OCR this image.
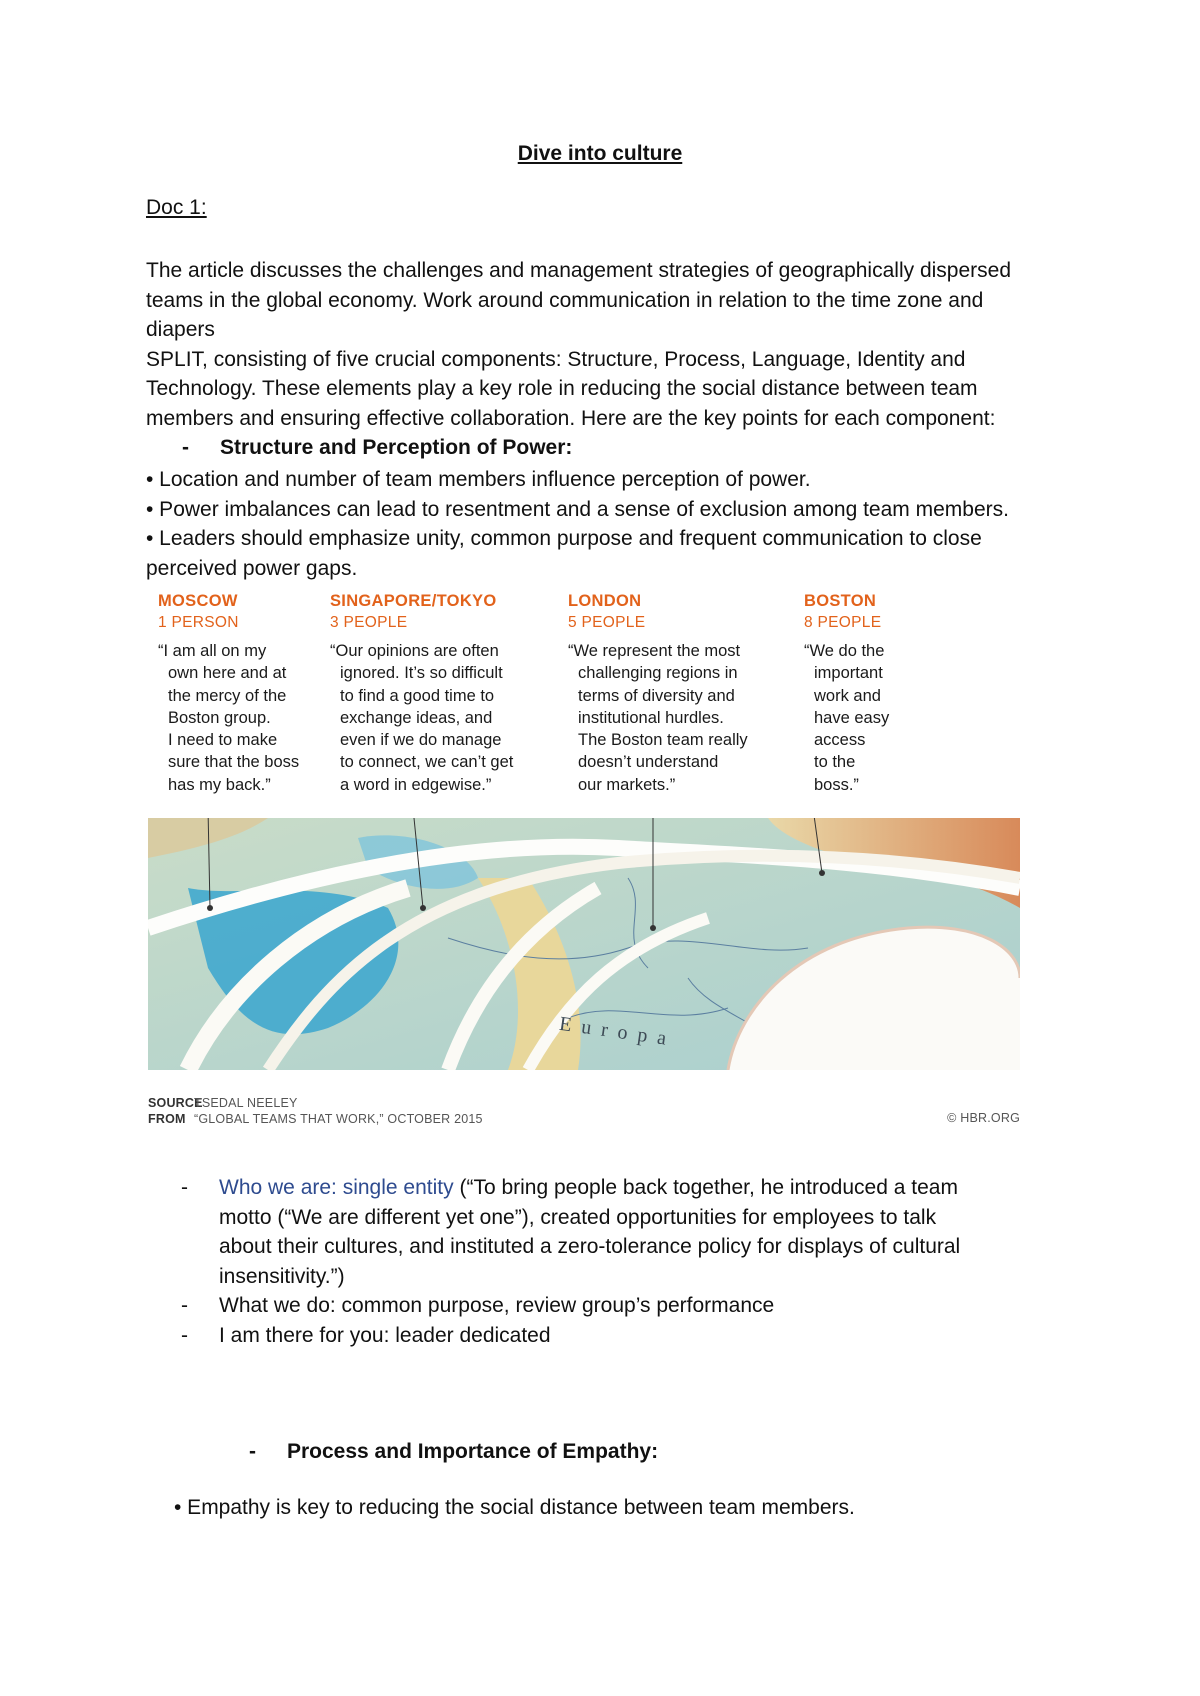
Dive into culture
Doc 1:
The article discusses the challenges and management strategies of geographically dispersed
teams in the global economy. Work around communication in relation to the time zone and
diapers
SPLIT, consisting of five crucial components: Structure, Process, Language, Identity and
Technology. These elements play a key role in reducing the social distance between team
members and ensuring effective collaboration. Here are the key points for each component:
- Structure and Perception of Power:
• Location and number of team members influence perception of power.
• Power imbalances can lead to resentment and a sense of exclusion among team members.
• Leaders should emphasize unity, common purpose and frequent communication to close
perceived power gaps.
MOSCOW
1 PERSON
“I am all on my
own here and at
the mercy of the
Boston group.
I need to make
sure that the boss
has my back.”
SINGAPORE/TOKYO
3 PEOPLE
“Our opinions are often
ignored. It’s so difficult
to find a good time to
exchange ideas, and
even if we do manage
to connect, we can’t get
a word in edgewise.”
LONDON
5 PEOPLE
“We represent the most
challenging regions in
terms of diversity and
institutional hurdles.
The Boston team really
doesn’t understand
our markets.”
BOSTON
8 PEOPLE
“We do the
important
work and
have easy
access
to the
boss.”
Europa
SOURCETSEDAL NEELEY
FROM “GLOBAL TEAMS THAT WORK,” OCTOBER 2015	© HBR.ORG
- Who we are: single entity (“To bring people back together, he introduced a team
motto (“We are different yet one”), created opportunities for employees to talk
about their cultures, and instituted a zero-tolerance policy for displays of cultural
insensitivity.”)
- What we do: common purpose, review group’s performance
- I am there for you: leader dedicated
- Process and Importance of Empathy:
• Empathy is key to reducing the social distance between team members.
